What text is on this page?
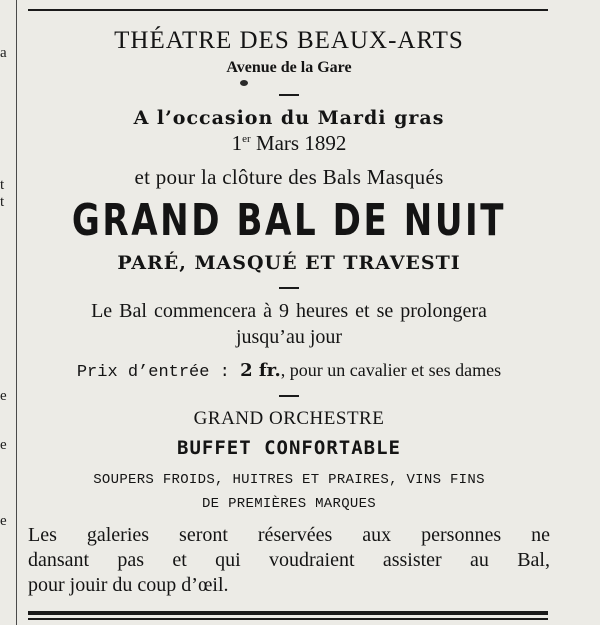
a
t
t
e
e
e
THÉATRE DES BEAUX-ARTS
Avenue de la Gare
A l’occasion du Mardi gras
1er Mars 1892
et pour la clôture des Bals Masqués
GRAND BAL DE NUIT
PARÉ, MASQUÉ ET TRAVESTI
Le Bal commencera à 9 heures et se prolongera
jusqu’au jour
Prix d’entrée : 2 fr., pour un cavalier et ses dames
GRAND ORCHESTRE
BUFFET CONFORTABLE
SOUPERS FROIDS, HUITRES ET PRAIRES, VINS FINS
DE PREMIÈRES MARQUES
Les galeries seront réservées aux personnes ne
dansant pas et qui voudraient assister au Bal,
pour jouir du coup d’œil.
